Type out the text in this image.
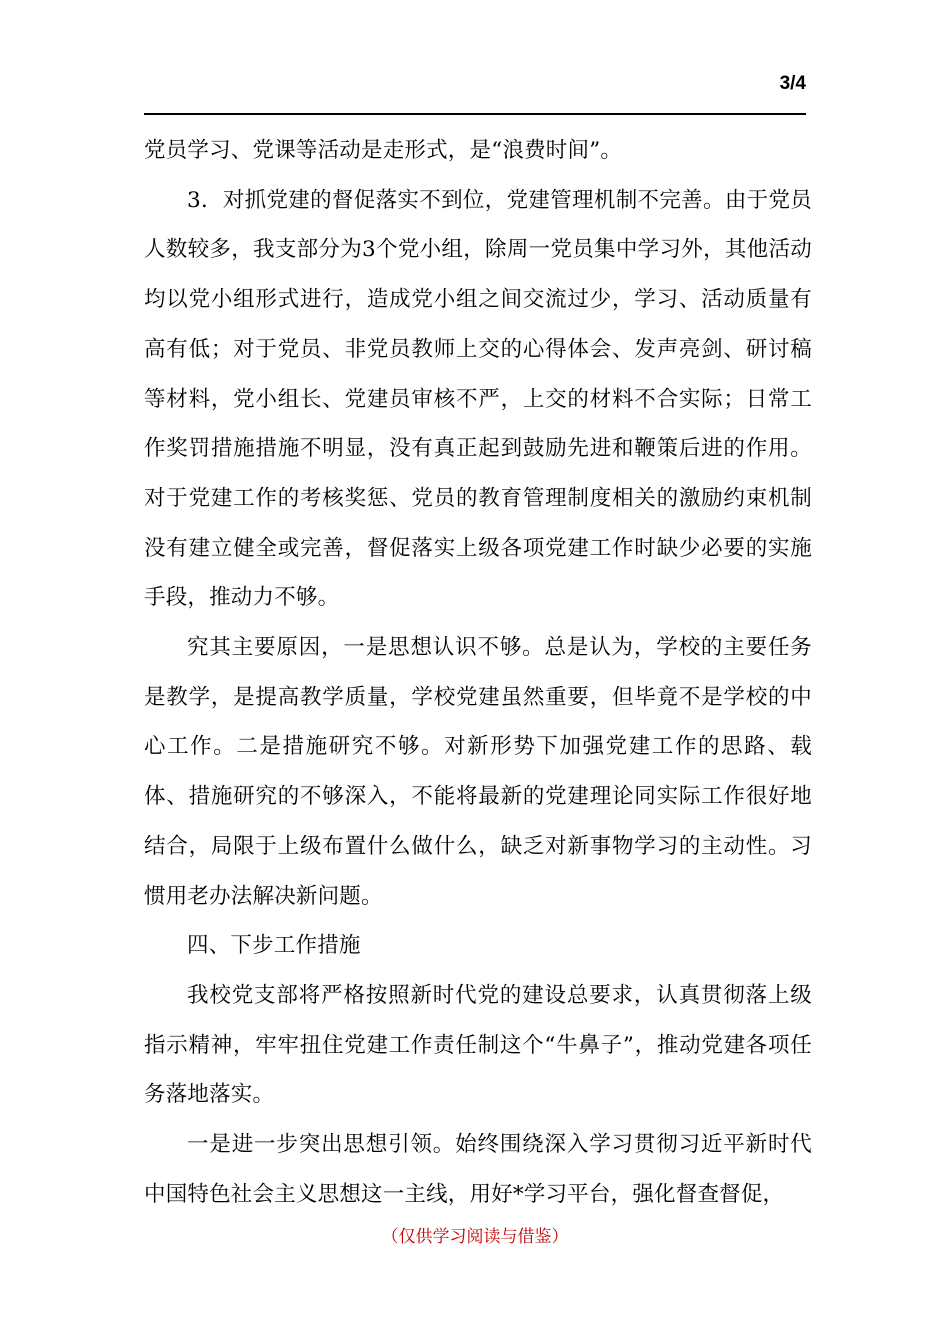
3/4

党员学习、党课等活动是走形式，是“浪费时间”。

3．对抓党建的督促落实不到位，党建管理机制不完善。由于党员人数较多，我支部分为3个党小组，除周一党员集中学习外，其他活动均以党小组形式进行，造成党小组之间交流过少，学习、活动质量有高有低；对于党员、非党员教师上交的心得体会、发声亮剑、研讨稿等材料，党小组长、党建员审核不严，上交的材料不合实际；日常工作奖罚措施措施不明显，没有真正起到鼓励先进和鞭策后进的作用。对于党建工作的考核奖惩、党员的教育管理制度相关的激励约束机制没有建立健全或完善，督促落实上级各项党建工作时缺少必要的实施手段，推动力不够。

究其主要原因，一是思想认识不够。总是认为，学校的主要任务是教学，是提高教学质量，学校党建虽然重要，但毕竟不是学校的中心工作。二是措施研究不够。对新形势下加强党建工作的思路、载体、措施研究的不够深入，不能将最新的党建理论同实际工作很好地结合，局限于上级布置什么做什么，缺乏对新事物学习的主动性。习惯用老办法解决新问题。

四、下步工作措施

我校党支部将严格按照新时代党的建设总要求，认真贯彻落上级指示精神，牢牢扭住党建工作责任制这个“牛鼻子”，推动党建各项任务落地落实。

一是进一步突出思想引领。始终围绕深入学习贯彻习近平新时代中国特色社会主义思想这一主线，用好*学习平台，强化督查督促，

（仅供学习阅读与借鉴）
